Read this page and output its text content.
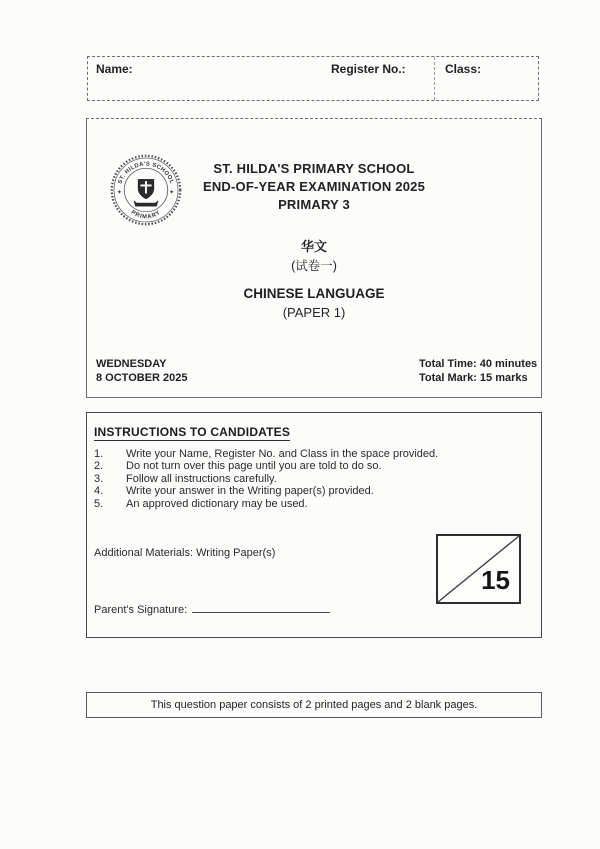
Name:	Register No.:	Class:
ST. HILDA'S SCHOOL
PRIMARY
✦	✦
ST. HILDA'S PRIMARY SCHOOL
END-OF-YEAR EXAMINATION 2025
PRIMARY 3
华文
(试卷一)
CHINESE LANGUAGE
(PAPER 1)
WEDNESDAY
8 OCTOBER 2025
Total Time: 40 minutes
Total Mark: 15 marks
INSTRUCTIONS TO CANDIDATES
1.	Write your Name, Register No. and Class in the space provided.
2.	Do not turn over this page until you are told to do so.
3.	Follow all instructions carefully.
4.	Write your answer in the Writing paper(s) provided.
5.	An approved dictionary may be used.
Additional Materials: Writing Paper(s)
Parent's Signature:
15
This question paper consists of 2 printed pages and 2 blank pages.
